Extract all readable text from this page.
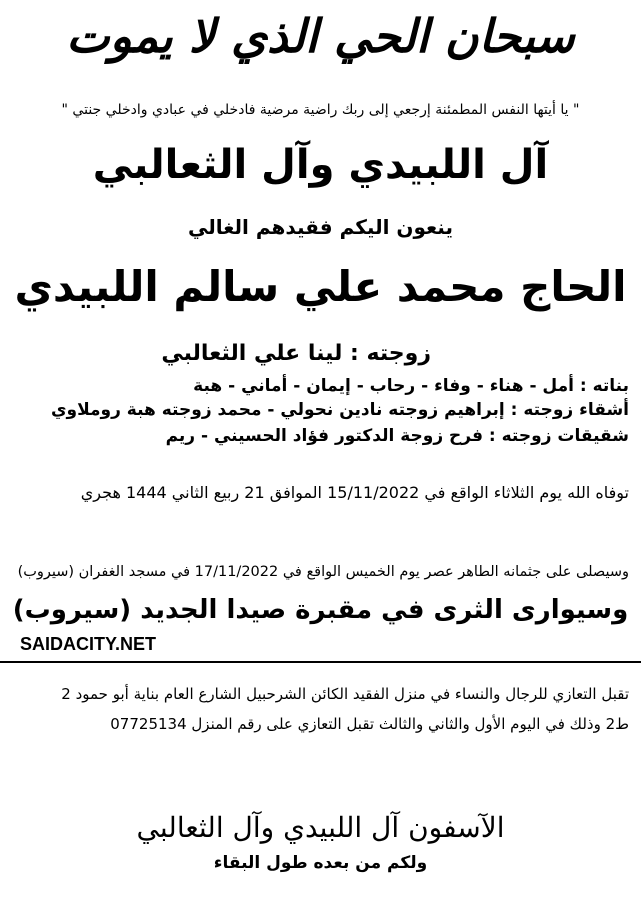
سبحان الحي الذي لا يموت
" يا أيتها النفس المطمئنة إرجعي إلى ربك راضية مرضية فادخلي في عبادي وادخلي جنتي "
آل اللبيدي وآل الثعالبي
ينعون اليكم فقيدهم الغالي
الحاج محمد علي سالم اللبيدي
زوجته : لينا علي الثعالبي
بناته : أمل - هناء - وفاء - رحاب - إيمان - أماني - هبة
أشقاء زوجته : إبراهيم زوجته نادين نحولي - محمد زوجته هبة روملاوي
شقيقات زوجته : فرح زوجة الدكتور فؤاد الحسيني - ريم
توفاه الله يوم الثلاثاء الواقع في 15/11/2022 الموافق 21 ربيع الثاني 1444 هجري
وسيصلى على جثمانه الطاهر عصر يوم الخميس الواقع في 17/11/2022 في مسجد الغفران (سيروب)
وسيوارى الثرى في مقبرة صيدا الجديد (سيروب)
SAIDACITY.NET
تقبل التعازي للرجال والنساء في منزل الفقيد الكائن الشرحبيل الشارع العام بناية أبو حمود 2
ط2 وذلك في اليوم الأول والثاني والثالث تقبل التعازي على رقم المنزل 07725134
الآسفون آل اللبيدي وآل الثعالبي
ولكم من بعده طول البقاء
